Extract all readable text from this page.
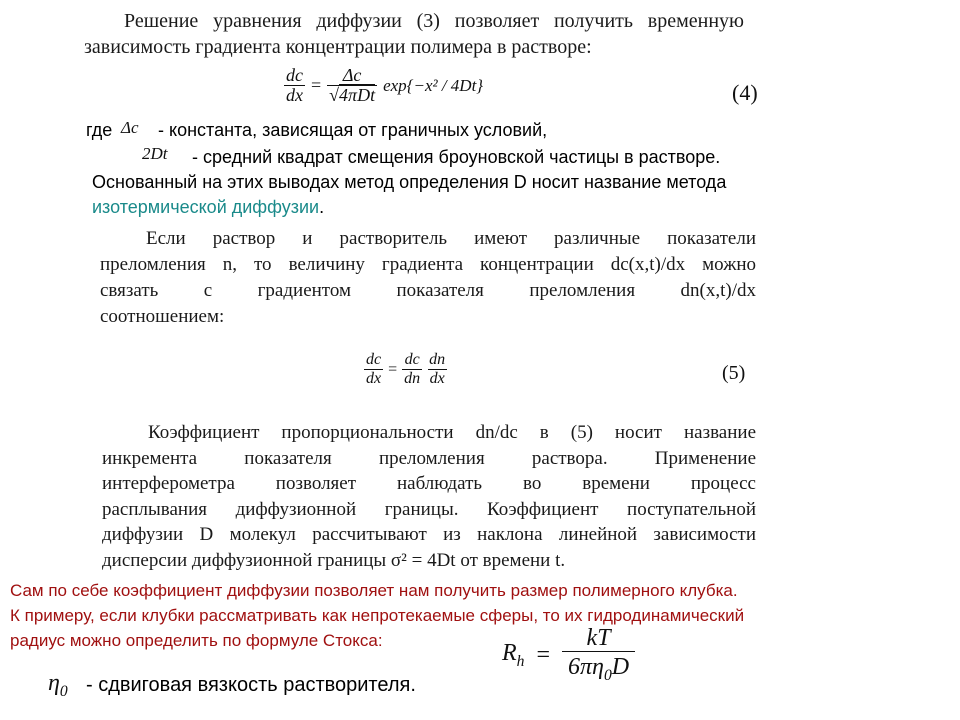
Решение уравнения диффузии (3) позволяет получить временную
зависимость градиента концентрации полимера в растворе:
$\frac{dc}{dx} = \frac{\Delta c}{\text{√4πDt}} \exp\{-x^2 / 4Dt\}$	(4)
где Δc - константа, зависящая от граничных условий,
2Dt - средний квадрат смещения броуновской частицы в растворе.
Основанный на этих выводах метод определения D носит название метода
изотермической диффузии.
Если раствор и растворитель имеют различные показатели
преломления n, то величину градиента концентрации dc(x,t)/dx можно
связать с градиентом показателя преломления dn(x,t)/dx
соотношением:
$\frac{dc}{dx} = \frac{dc}{dn} \frac{dn}{dx}$	(5)
Коэффициент пропорциональности dn/dc в (5) носит название
инкремента показателя преломления раствора. Применение
интерферометра позволяет наблюдать во времени процесс
расплывания диффузионной границы. Коэффициент поступательной
диффузии D молекул рассчитывают из наклона линейной зависимости
дисперсии диффузионной границы σ² = 4Dt от времени t.
Сам по себе коэффициент диффузии позволяет нам получить размер полимерного клубка.
К примеру, если клубки рассматривать как непротекаемые сферы, то их гидродинамический
радиус можно определить по формуле Стокса:	$R_h = \frac{kT}{6\pi\eta_0D}$
$\eta_0$ - сдвиговая вязкость растворителя.
